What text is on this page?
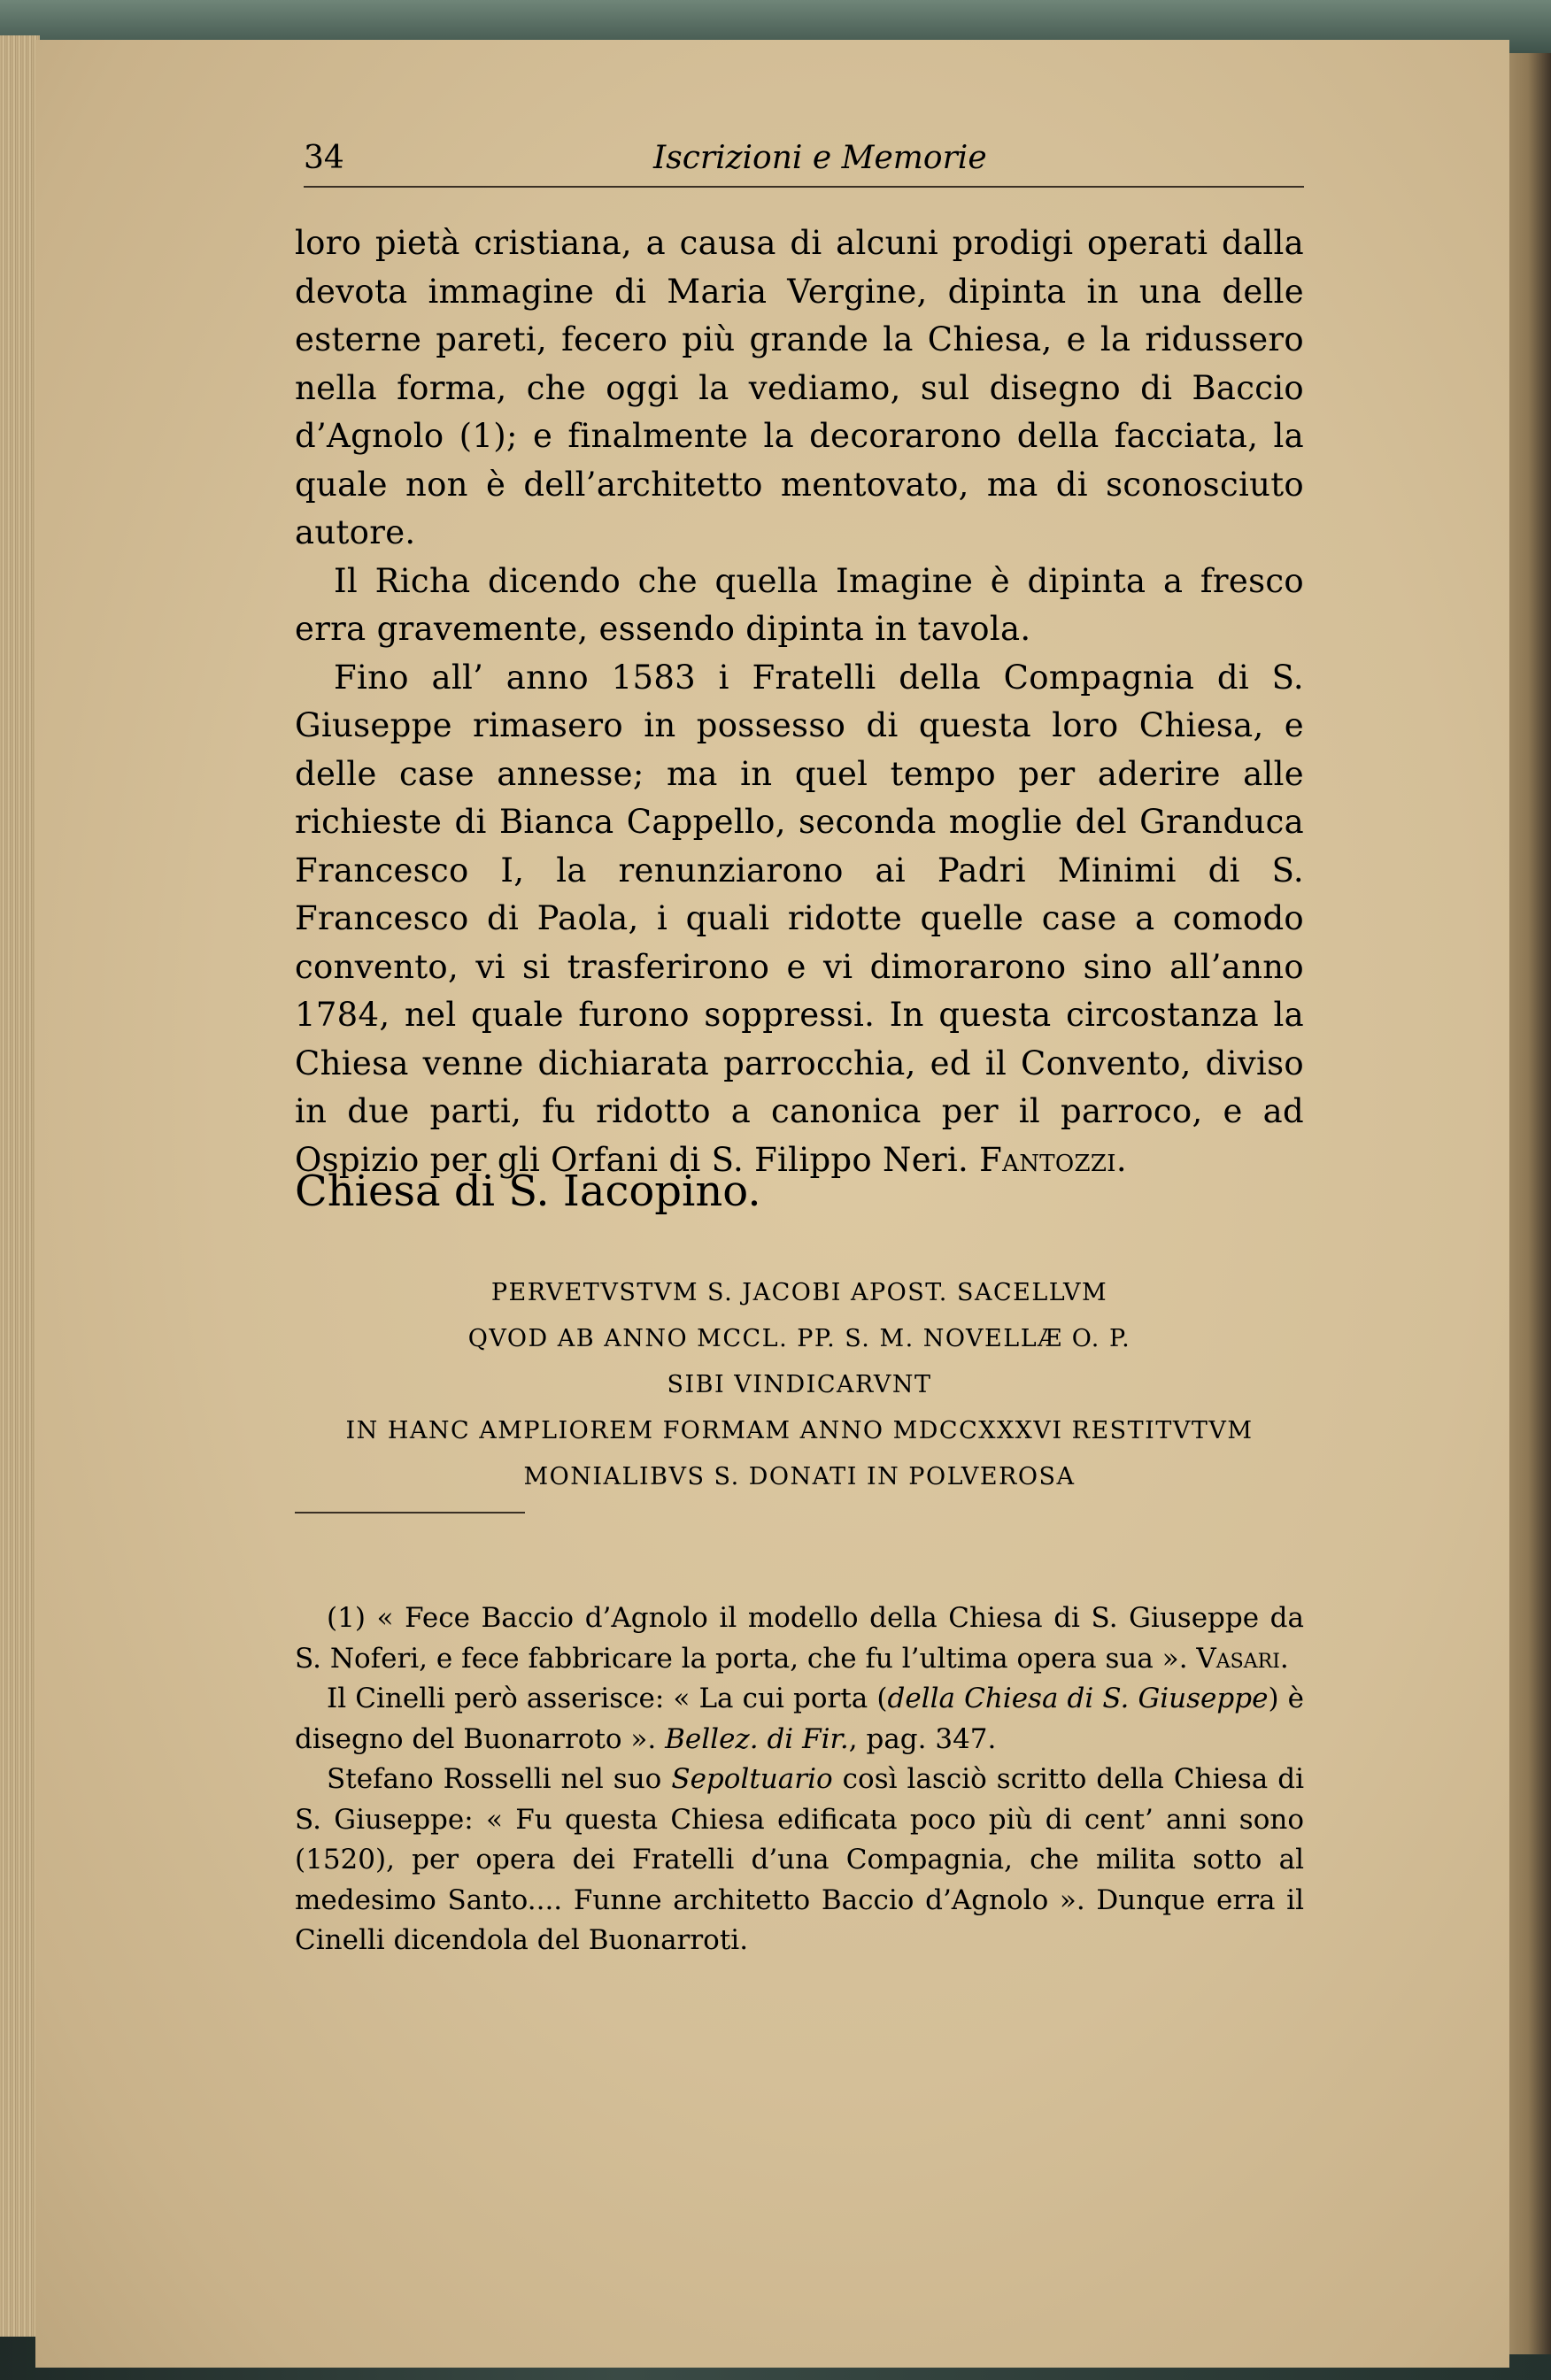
34	Iscrizioni e Memorie

loro pietà cristiana, a causa di alcuni prodigi operati dalla devota immagine di Maria Vergine, dipinta in una delle esterne pareti, fecero più grande la Chiesa, e la ridussero nella forma, che oggi la vediamo, sul disegno di Baccio d’Agnolo (1); e finalmente la decorarono della facciata, la quale non è dell’architetto mentovato, ma di sconosciuto autore.

Il Richa dicendo che quella Imagine è dipinta a fresco erra gravemente, essendo dipinta in tavola.

Fino all’ anno 1583 i Fratelli della Compagnia di S. Giuseppe rimasero in possesso di questa loro Chiesa, e delle case annesse; ma in quel tempo per aderire alle richieste di Bianca Cappello, seconda moglie del Granduca Francesco I, la renunziarono ai Padri Minimi di S. Francesco di Paola, i quali ridotte quelle case a comodo convento, vi si trasferirono e vi dimorarono sino all’anno 1784, nel quale furono soppressi. In questa circostanza la Chiesa venne dichiarata parrocchia, ed il Convento, diviso in due parti, fu ridotto a canonica per il parroco, e ad Ospizio per gli Orfani di S. Filippo Neri. Fantozzi.

Chiesa di S. Iacopino.
PERVETVSTVM S. JACOBI APOST. SACELLVM
QVOD AB ANNO MCCL. PP. S. M. NOVELLÆ O. P.
SIBI VINDICARVNT
IN HANC AMPLIOREM FORMAM ANNO MDCCXXXVI RESTITVTVM
MONIALIBVS S. DONATI IN POLVEROSA

(1) « Fece Baccio d’Agnolo il modello della Chiesa di S. Giuseppe da S. Noferi, e fece fabbricare la porta, che fu l’ultima opera sua ». Vasari.

Il Cinelli però asserisce: « La cui porta (della Chiesa di S. Giuseppe) è disegno del Buonarroto ». Bellez. di Fir., pag. 347.

Stefano Rosselli nel suo Sepoltuario così lasciò scritto della Chiesa di S. Giuseppe: « Fu questa Chiesa edificata poco più di cent’ anni sono (1520), per opera dei Fratelli d’una Compagnia, che milita sotto al medesimo Santo.... Funne architetto Baccio d’Agnolo ». Dunque erra il Cinelli dicendola del Buonarroti.
